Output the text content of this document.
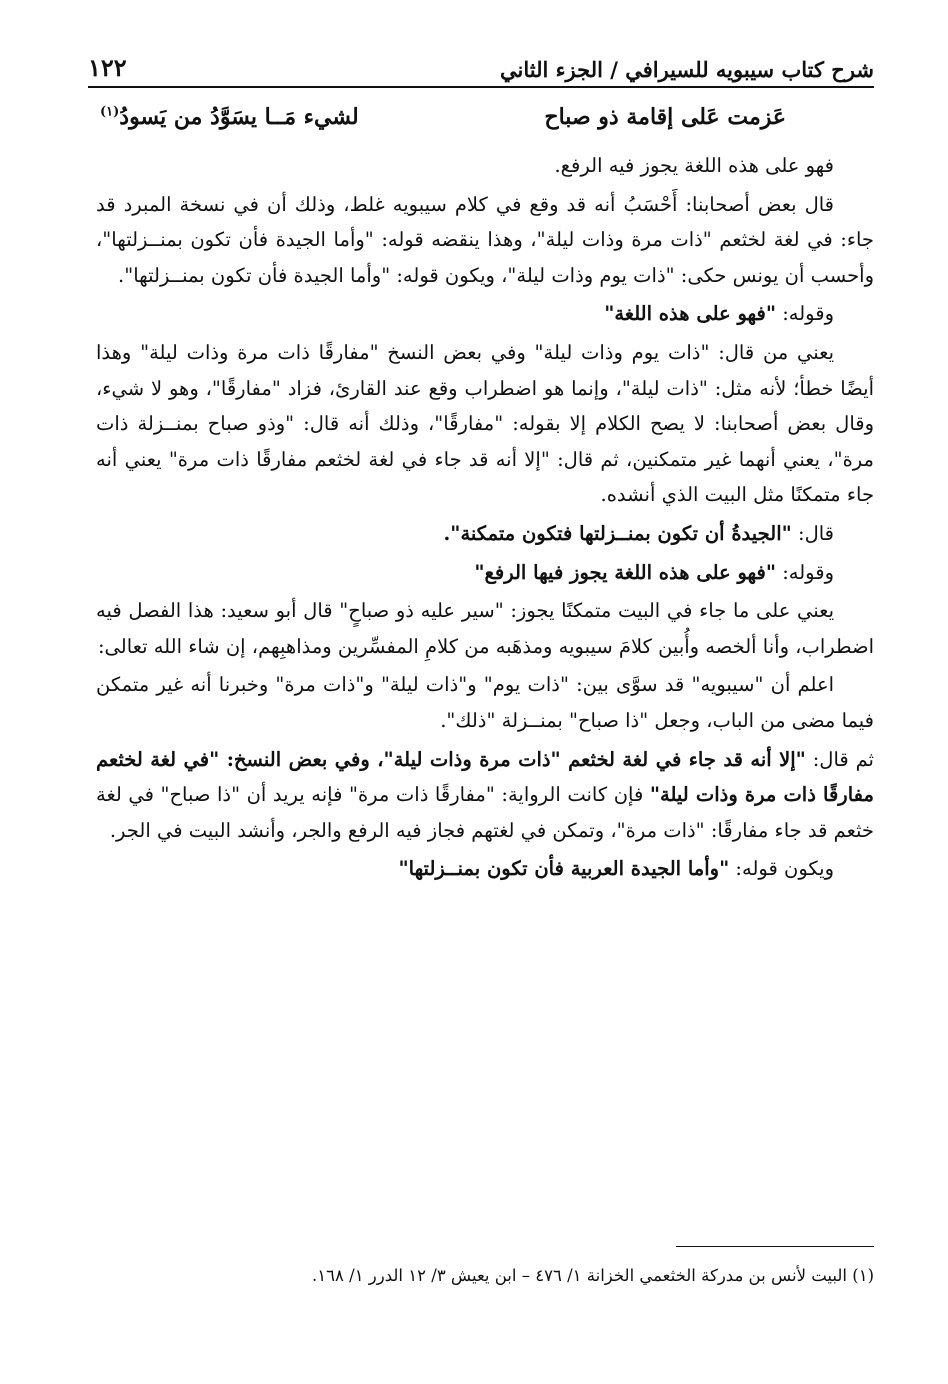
شرح كتاب سيبويه للسيرافي / الجزء الثاني
١٢٢
عَزمت عَلى إقامة ذو صباح
لشيء مَــا يسَوَّدُ من يَسودُ$^{(١)}$

فهو على هذه اللغة يجوز فيه الرفع.

قال بعض أصحابنا: أَحْسَبُ أنه قد وقع في كلام سيبويه غلط، وذلك أن في نسخة المبرد قد جاء: في لغة لخثعم "ذات مرة وذات ليلة"، وهذا ينقضه قوله: "وأما الجيدة فأن تكون بمنــزلتها"، وأحسب أن يونس حكى: "ذات يوم وذات ليلة"، ويكون قوله: "وأما الجيدة فأن تكون بمنــزلتها".

وقوله: "فهو على هذه اللغة"

يعني من قال: "ذات يوم وذات ليلة" وفي بعض النسخ "مفارقًا ذات مرة وذات ليلة" وهذا أيضًا خطأ؛ لأنه مثل: "ذات ليلة"، وإنما هو اضطراب وقع عند القارئ، فزاد "مفارقًا"، وهو لا شيء، وقال بعض أصحابنا: لا يصح الكلام إلا بقوله: "مفارقًا"، وذلك أنه قال: "وذو صباح بمنــزلة ذات مرة"، يعني أنهما غير متمكنين، ثم قال: "إلا أنه قد جاء في لغة لخثعم مفارقًا ذات مرة" يعني أنه جاء متمكنًا مثل البيت الذي أنشده.

قال: "الجيدةُ أن تكون بمنــزلتها فتكون متمكنة".

وقوله: "فهو على هذه اللغة يجوز فيها الرفع"

يعني على ما جاء في البيت متمكنًا يجوز: "سير عليه ذو صباحٍ" قال أبو سعيد: هذا الفصل فيه اضطراب، وأنا ألخصه وأُبين كلامَ سيبويه ومذهَبه من كلامِ المفسِّرين ومذاهبِهم، إن شاء الله تعالى:

اعلم أن "سيبويه" قد سوَّى بين: "ذات يوم" و"ذات ليلة" و"ذات مرة" وخبرنا أنه غير متمكن فيما مضى من الباب، وجعل "ذا صباح" بمنــزلة "ذلك".

ثم قال: "إلا أنه قد جاء في لغة لخثعم "ذات مرة وذات ليلة"، وفي بعض النسخ: "في لغة لخثعم مفارقًا ذات مرة وذات ليلة" فإن كانت الرواية: "مفارقًا ذات مرة" فإنه يريد أن "ذا صباح" في لغة خثعم قد جاء مفارقًا: "ذات مرة"، وتمكن في لغتهم فجاز فيه الرفع والجر، وأنشد البيت في الجر.

ويكون قوله: "وأما الجيدة العربية فأن تكون بمنــزلتها"

(١) البيت لأنس بن مدركة الخثعمي الخزانة ١/ ٤٧٦ – ابن يعيش ٣/ ١٢ الدرر ١/ ١٦٨.
